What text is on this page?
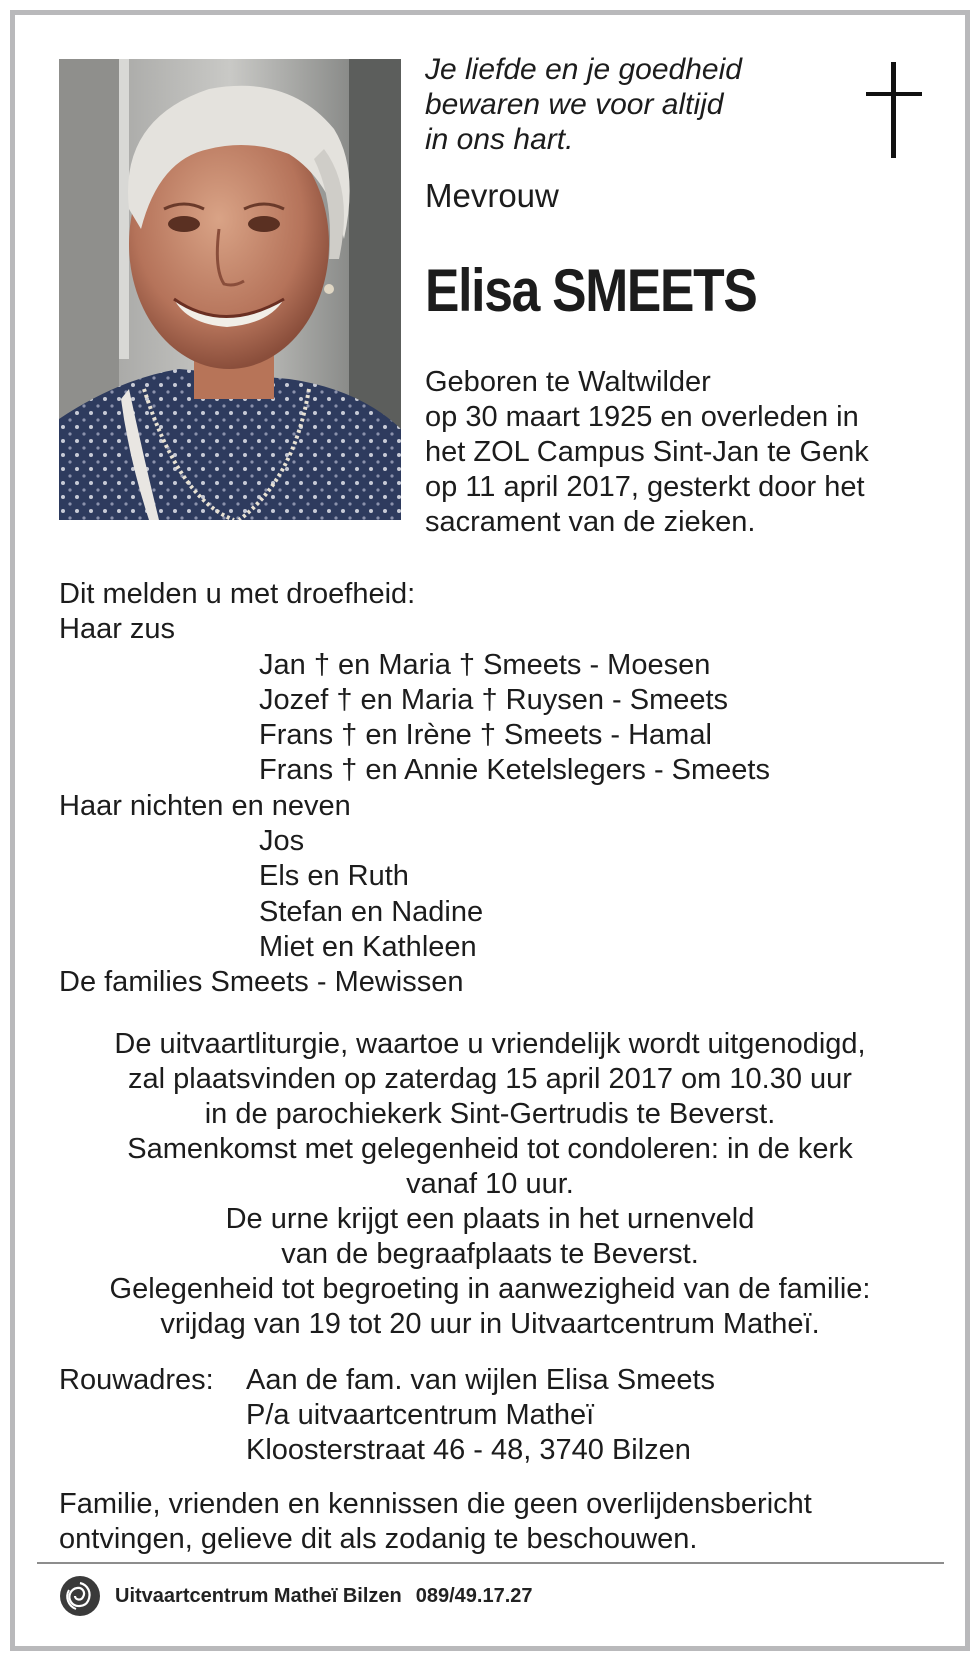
Je liefde en je goedheid
bewaren we voor altijd
in ons hart.
Mevrouw
Elisa SMEETS
Geboren te Waltwilder
op 30 maart 1925 en overleden in
het ZOL Campus Sint-Jan te Genk
op 11 april 2017, gesterkt door het
sacrament van de zieken.
Dit melden u met droefheid:
Haar zus
Jan † en Maria † Smeets - Moesen
Jozef † en Maria † Ruysen - Smeets
Frans † en Irène † Smeets - Hamal
Frans † en Annie Ketelslegers - Smeets
Haar nichten en neven
Jos
Els en Ruth
Stefan en Nadine
Miet en Kathleen
De families Smeets - Mewissen
De uitvaartliturgie, waartoe u vriendelijk wordt uitgenodigd,
zal plaatsvinden op zaterdag 15 april 2017 om 10.30 uur
in de parochiekerk Sint-Gertrudis te Beverst.
Samenkomst met gelegenheid tot condoleren: in de kerk
vanaf 10 uur.
De urne krijgt een plaats in het urnenveld
van de begraafplaats te Beverst.
Gelegenheid tot begroeting in aanwezigheid van de familie:
vrijdag van 19 tot 20 uur in Uitvaartcentrum Matheï.
Rouwadres: Aan de fam. van wijlen Elisa Smeets
P/a uitvaartcentrum Matheï
Kloosterstraat 46 - 48, 3740 Bilzen
Familie, vrienden en kennissen die geen overlijdensbericht
ontvingen, gelieve dit als zodanig te beschouwen.
Uitvaartcentrum Matheï Bilzen 089/49.17.27
